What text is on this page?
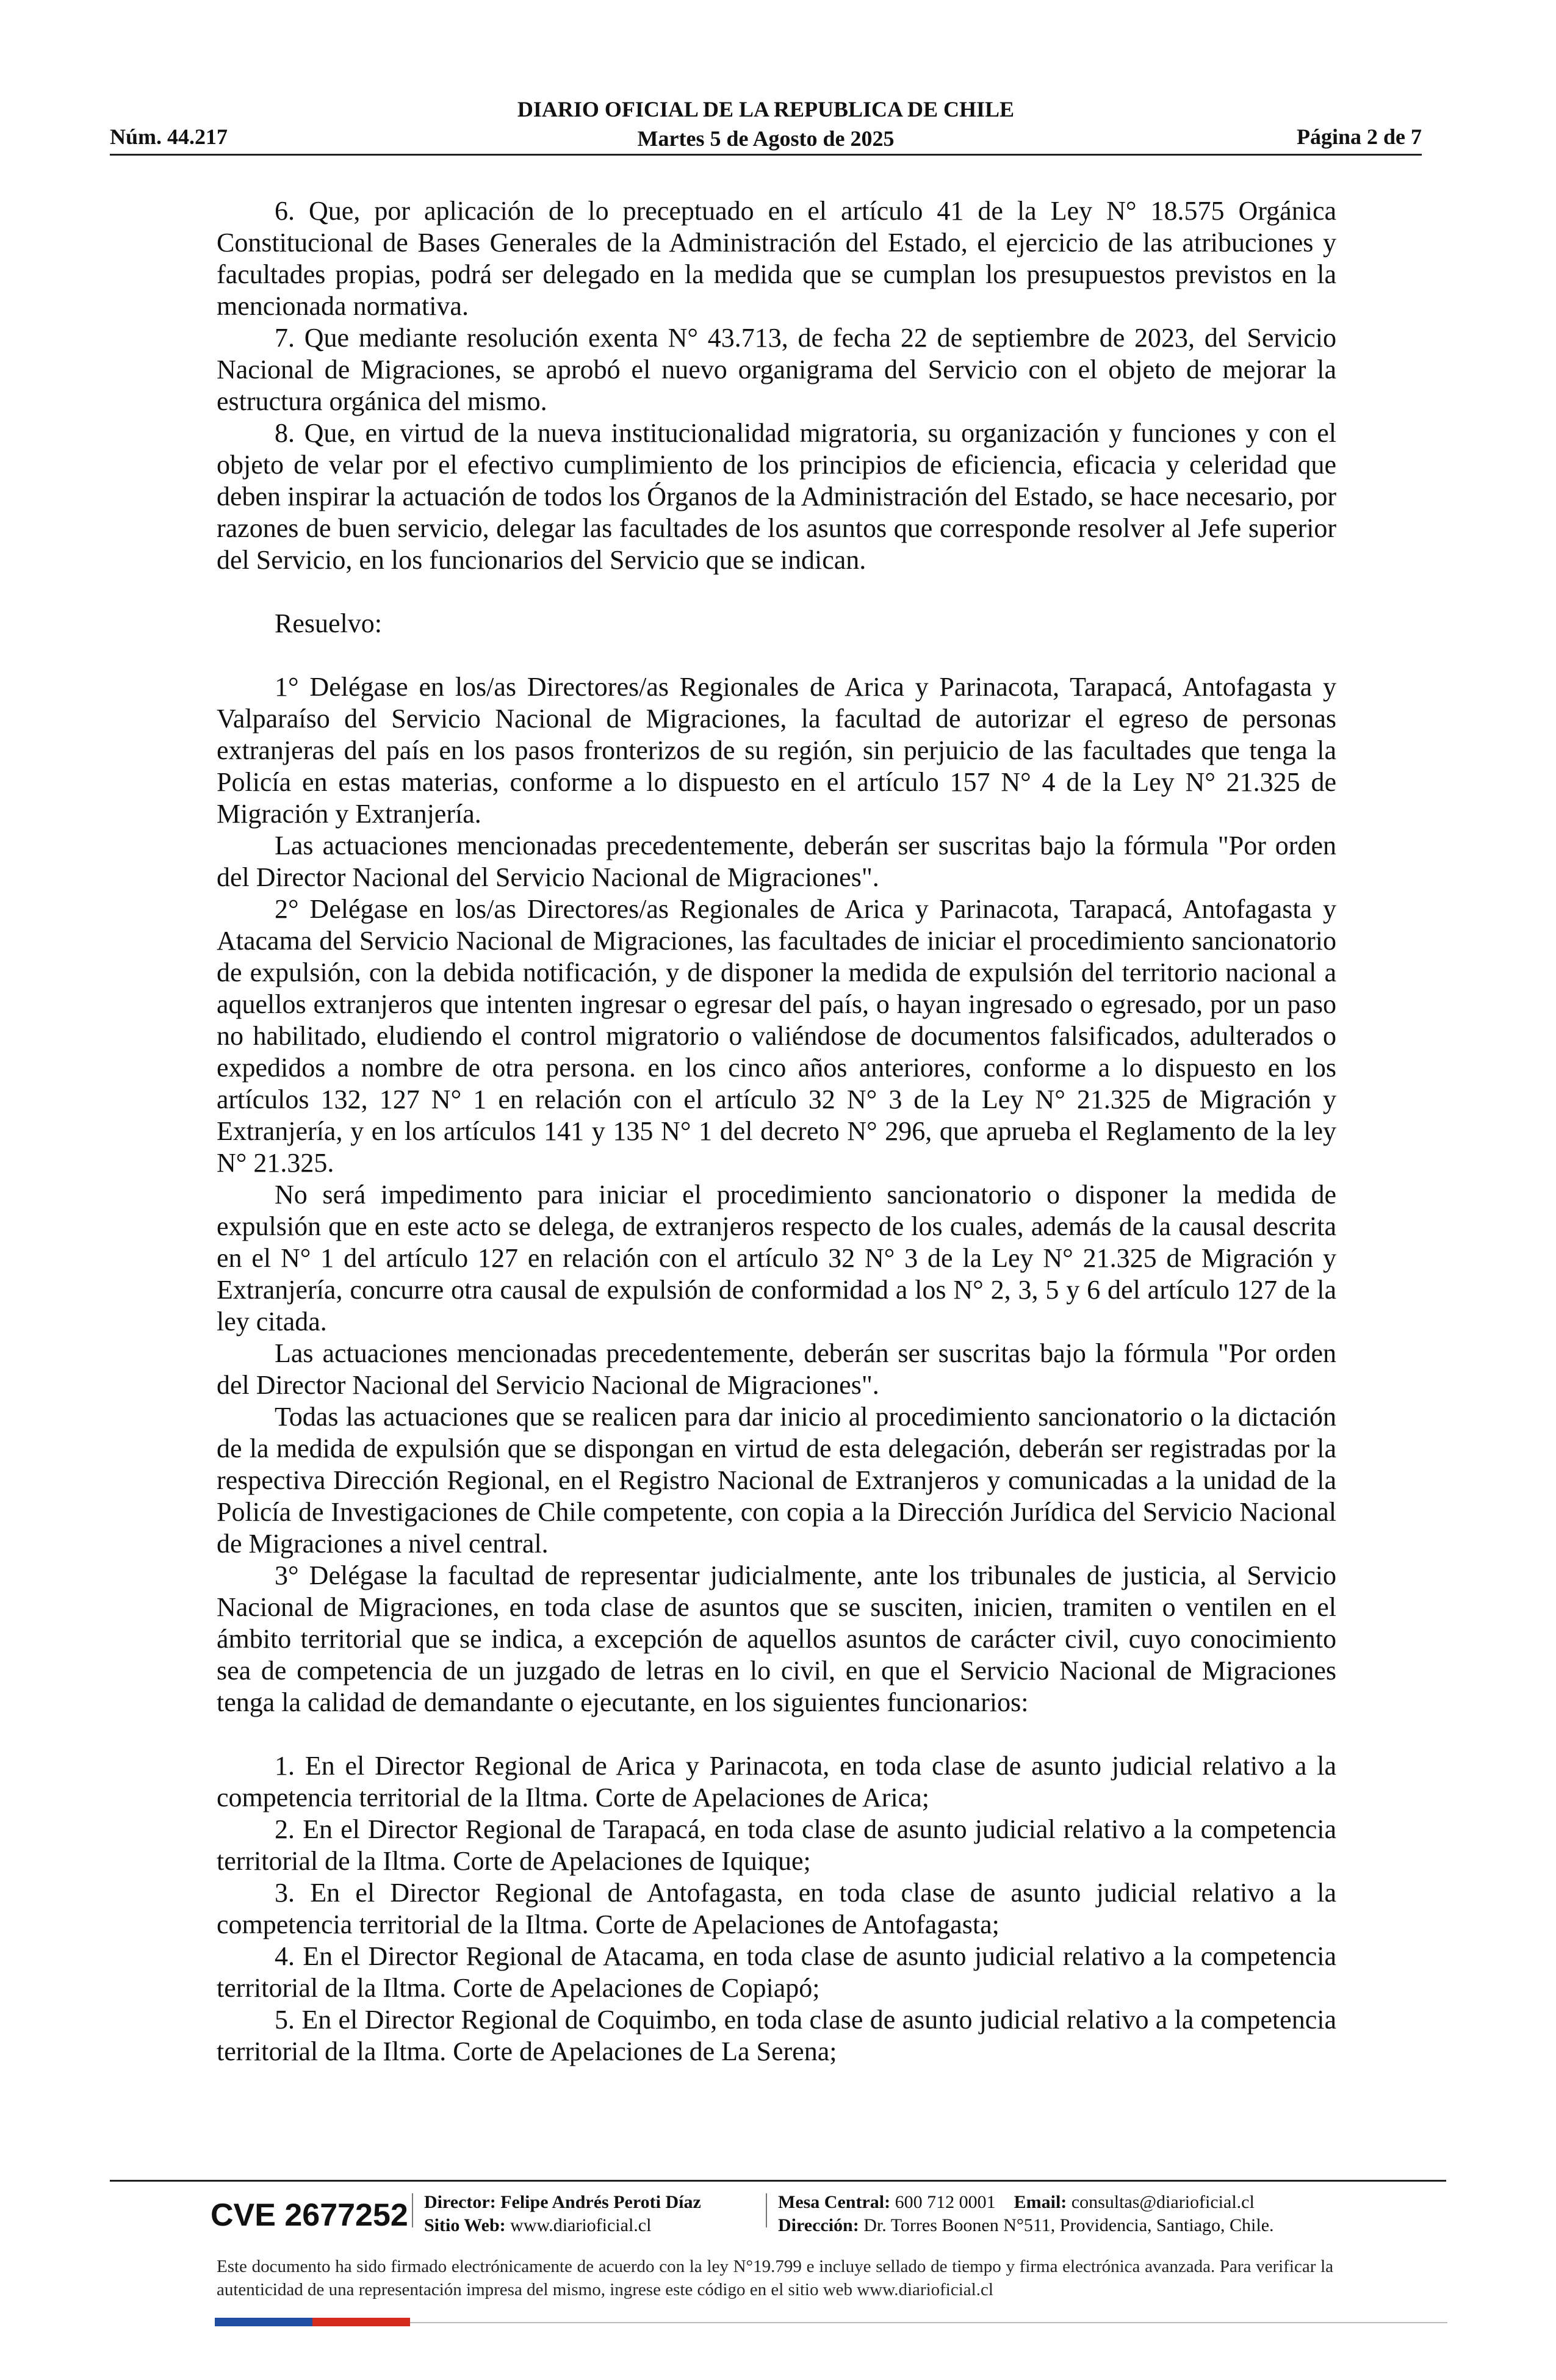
Núm. 44.217
DIARIO OFICIAL DE LA REPUBLICA DE CHILE
Martes 5 de Agosto de 2025	Página 2 de 7

6. Que, por aplicación de lo preceptuado en el artículo 41 de la Ley N° 18.575 Orgánica Constitucional de Bases Generales de la Administración del Estado, el ejercicio de las atribuciones y facultades propias, podrá ser delegado en la medida que se cumplan los presupuestos previstos en la mencionada normativa.

7. Que mediante resolución exenta N° 43.713, de fecha 22 de septiembre de 2023, del Servicio Nacional de Migraciones, se aprobó el nuevo organigrama del Servicio con el objeto de mejorar la estructura orgánica del mismo.

8. Que, en virtud de la nueva institucionalidad migratoria, su organización y funciones y con el objeto de velar por el efectivo cumplimiento de los principios de eficiencia, eficacia y celeridad que deben inspirar la actuación de todos los Órganos de la Administración del Estado, se hace necesario, por razones de buen servicio, delegar las facultades de los asuntos que corresponde resolver al Jefe superior del Servicio, en los funcionarios del Servicio que se indican.

Resuelvo:

1° Delégase en los/as Directores/as Regionales de Arica y Parinacota, Tarapacá, Antofagasta y Valparaíso del Servicio Nacional de Migraciones, la facultad de autorizar el egreso de personas extranjeras del país en los pasos fronterizos de su región, sin perjuicio de las facultades que tenga la Policía en estas materias, conforme a lo dispuesto en el artículo 157 N° 4 de la Ley N° 21.325 de Migración y Extranjería.

Las actuaciones mencionadas precedentemente, deberán ser suscritas bajo la fórmula "Por orden del Director Nacional del Servicio Nacional de Migraciones".

2° Delégase en los/as Directores/as Regionales de Arica y Parinacota, Tarapacá, Antofagasta y Atacama del Servicio Nacional de Migraciones, las facultades de iniciar el procedimiento sancionatorio de expulsión, con la debida notificación, y de disponer la medida de expulsión del territorio nacional a aquellos extranjeros que intenten ingresar o egresar del país, o hayan ingresado o egresado, por un paso no habilitado, eludiendo el control migratorio o valiéndose de documentos falsificados, adulterados o expedidos a nombre de otra persona. en los cinco años anteriores, conforme a lo dispuesto en los artículos 132, 127 N° 1 en relación con el artículo 32 N° 3 de la Ley N° 21.325 de Migración y Extranjería, y en los artículos 141 y 135 N° 1 del decreto N° 296, que aprueba el Reglamento de la ley N° 21.325.

No será impedimento para iniciar el procedimiento sancionatorio o disponer la medida de expulsión que en este acto se delega, de extranjeros respecto de los cuales, además de la causal descrita en el N° 1 del artículo 127 en relación con el artículo 32 N° 3 de la Ley N° 21.325 de Migración y Extranjería, concurre otra causal de expulsión de conformidad a los N° 2, 3, 5 y 6 del artículo 127 de la ley citada.

Las actuaciones mencionadas precedentemente, deberán ser suscritas bajo la fórmula "Por orden del Director Nacional del Servicio Nacional de Migraciones".

Todas las actuaciones que se realicen para dar inicio al procedimiento sancionatorio o la dictación de la medida de expulsión que se dispongan en virtud de esta delegación, deberán ser registradas por la respectiva Dirección Regional, en el Registro Nacional de Extranjeros y comunicadas a la unidad de la Policía de Investigaciones de Chile competente, con copia a la Dirección Jurídica del Servicio Nacional de Migraciones a nivel central.

3° Delégase la facultad de representar judicialmente, ante los tribunales de justicia, al Servicio Nacional de Migraciones, en toda clase de asuntos que se susciten, inicien, tramiten o ventilen en el ámbito territorial que se indica, a excepción de aquellos asuntos de carácter civil, cuyo conocimiento sea de competencia de un juzgado de letras en lo civil, en que el Servicio Nacional de Migraciones tenga la calidad de demandante o ejecutante, en los siguientes funcionarios:

1. En el Director Regional de Arica y Parinacota, en toda clase de asunto judicial relativo a la competencia territorial de la Iltma. Corte de Apelaciones de Arica;

2. En el Director Regional de Tarapacá, en toda clase de asunto judicial relativo a la competencia territorial de la Iltma. Corte de Apelaciones de Iquique;

3. En el Director Regional de Antofagasta, en toda clase de asunto judicial relativo a la competencia territorial de la Iltma. Corte de Apelaciones de Antofagasta;

4. En el Director Regional de Atacama, en toda clase de asunto judicial relativo a la competencia territorial de la Iltma. Corte de Apelaciones de Copiapó;

5. En el Director Regional de Coquimbo, en toda clase de asunto judicial relativo a la competencia territorial de la Iltma. Corte de Apelaciones de La Serena;

CVE 2677252 Director: Felipe Andrés Peroti Díaz
Sitio Web: www.diarioficial.cl
Mesa Central: 600 712 0001 Email: consultas@diarioficial.cl
Dirección: Dr. Torres Boonen N°511, Providencia, Santiago, Chile.
Este documento ha sido firmado electrónicamente de acuerdo con la ley N°19.799 e incluye sellado de tiempo y firma electrónica avanzada. Para verificar la autenticidad de una representación impresa del mismo, ingrese este código en el sitio web www.diarioficial.cl
